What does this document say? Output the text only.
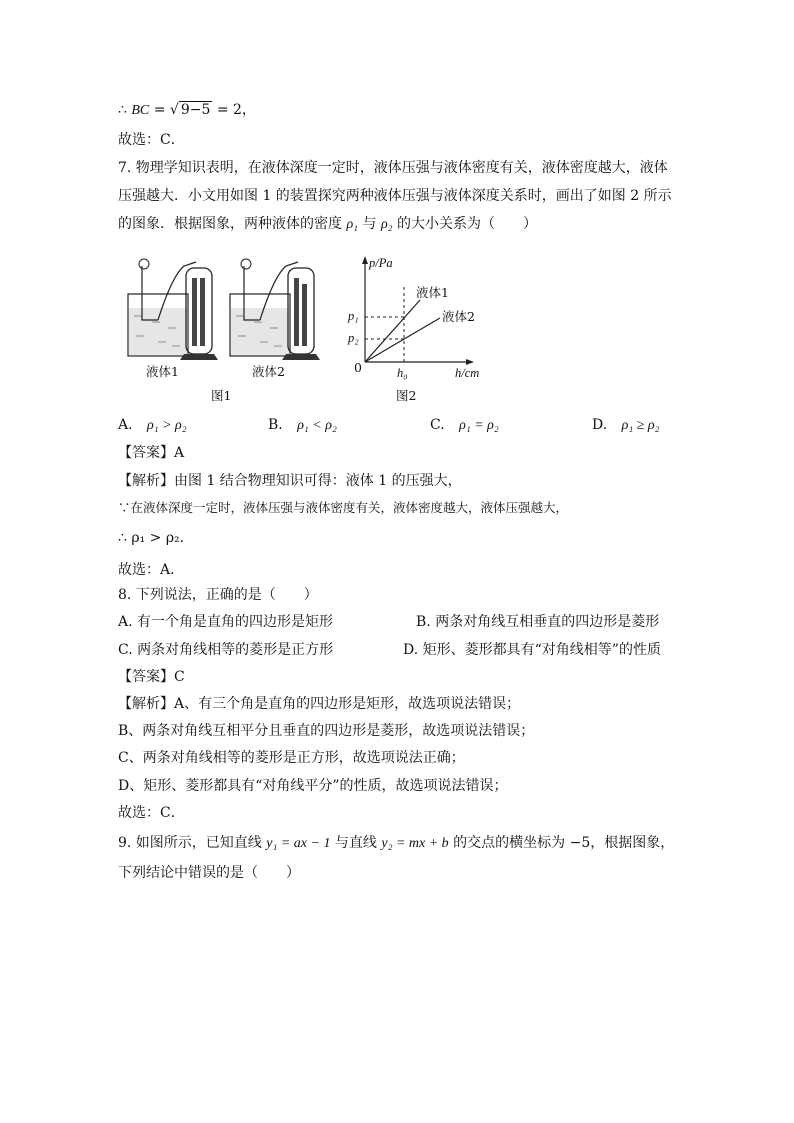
∴ BC = √ 9−5 = 2，
故选：C．
7. 物理学知识表明，在液体深度一定时，液体压强与液体密度有关，液体密度越大，液体
压强越大．小文用如图 1 的装置探究两种液体压强与液体深度关系时，画出了如图 2 所示
的图象．根据图象，两种液体的密度 ρ₁ 与 ρ₂ 的大小关系为（　　）
液体1	液体2
图1
p/Pa
h/cm
0
p₁
p₂
h₀
液体1
液体2
图2
A. ρ₁ > ρ₂	B. ρ₁ < ρ₂	C. ρ₁ = ρ₂	D. ρ₁ ≥ ρ₂
【答案】A
【解析】由图 1 结合物理知识可得：液体 1 的压强大，
∵在液体深度一定时，液体压强与液体密度有关，液体密度越大，液体压强越大，
∴ ρ₁ > ρ₂．
故选：A．
8. 下列说法，正确的是（　　）
A. 有一个角是直角的四边形是矩形	B. 两条对角线互相垂直的四边形是菱形
C. 两条对角线相等的菱形是正方形	D. 矩形、菱形都具有“对角线相等”的性质
【答案】C
【解析】A、有三个角是直角的四边形是矩形，故选项说法错误；
B、两条对角线互相平分且垂直的四边形是菱形，故选项说法错误；
C、两条对角线相等的菱形是正方形，故选项说法正确；
D、矩形、菱形都具有“对角线平分”的性质，故选项说法错误；
故选：C．
9. 如图所示，已知直线 y₁ = ax − 1 与直线 y₂ = mx + b 的交点的横坐标为 −5，根据图象，
下列结论中错误的是（　　）
